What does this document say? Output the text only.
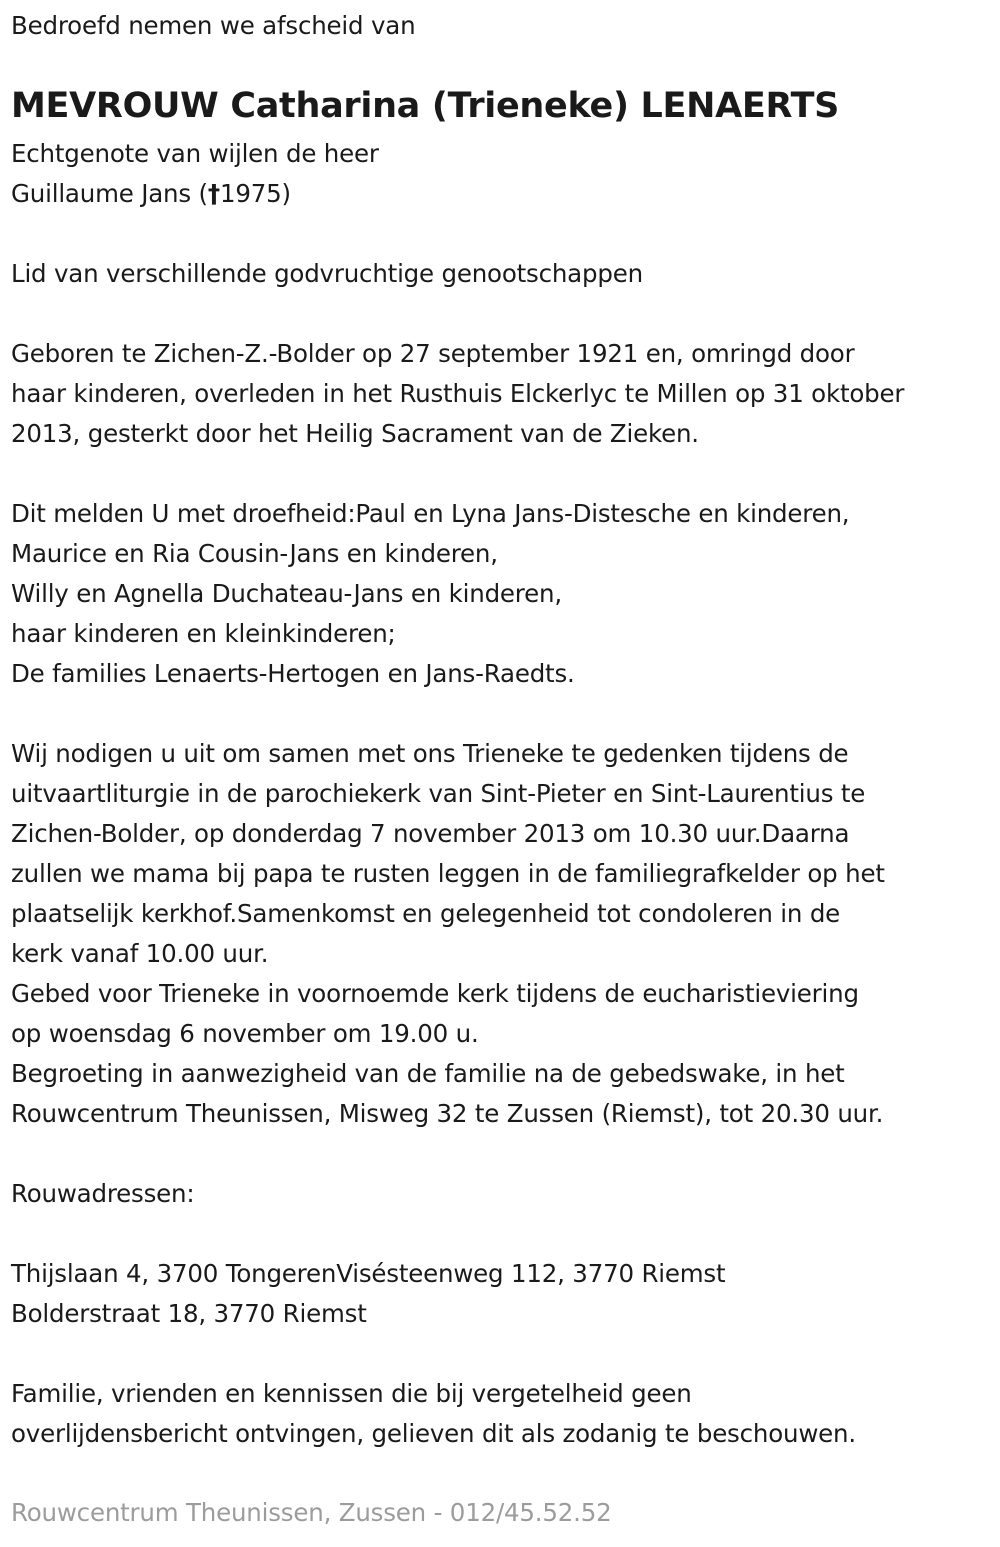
Bedroefd nemen we afscheid van
MEVROUW Catharina (Trieneke) LENAERTS
Echtgenote van wijlen de heer
Guillaume Jans (†1975)
Lid van verschillende godvruchtige genootschappen
Geboren te Zichen-Z.-Bolder op 27 september 1921 en, omringd door
haar kinderen, overleden in het Rusthuis Elckerlyc te Millen op 31 oktober
2013, gesterkt door het Heilig Sacrament van de Zieken.
Dit melden U met droefheid:Paul en Lyna Jans-Distesche en kinderen,
Maurice en Ria Cousin-Jans en kinderen,
Willy en Agnella Duchateau-Jans en kinderen,
haar kinderen en kleinkinderen;
De families Lenaerts-Hertogen en Jans-Raedts.
Wij nodigen u uit om samen met ons Trieneke te gedenken tijdens de
uitvaartliturgie in de parochiekerk van Sint-Pieter en Sint-Laurentius te
Zichen-Bolder, op donderdag 7 november 2013 om 10.30 uur.Daarna
zullen we mama bij papa te rusten leggen in de familiegrafkelder op het
plaatselijk kerkhof.Samenkomst en gelegenheid tot condoleren in de
kerk vanaf 10.00 uur.
Gebed voor Trieneke in voornoemde kerk tijdens de eucharistieviering
op woensdag 6 november om 19.00 u.
Begroeting in aanwezigheid van de familie na de gebedswake, in het
Rouwcentrum Theunissen, Misweg 32 te Zussen (Riemst), tot 20.30 uur.
Rouwadressen:
Thijslaan 4, 3700 TongerenVisésteenweg 112, 3770 Riemst
Bolderstraat 18, 3770 Riemst
Familie, vrienden en kennissen die bij vergetelheid geen
overlijdensbericht ontvingen, gelieven dit als zodanig te beschouwen.
Rouwcentrum Theunissen, Zussen - 012/45.52.52
